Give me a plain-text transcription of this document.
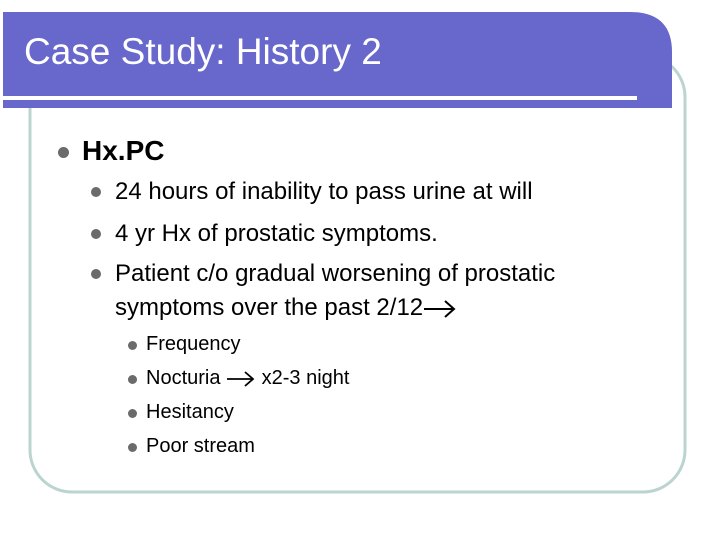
Case Study: History 2
Hx.PC
24 hours of inability to pass urine at will
4 yr Hx of prostatic symptoms.
Patient c/o gradual worsening of prostatic
symptoms over the past 2/12
Frequency
Nocturia  x2-3 night
Hesitancy
Poor stream
